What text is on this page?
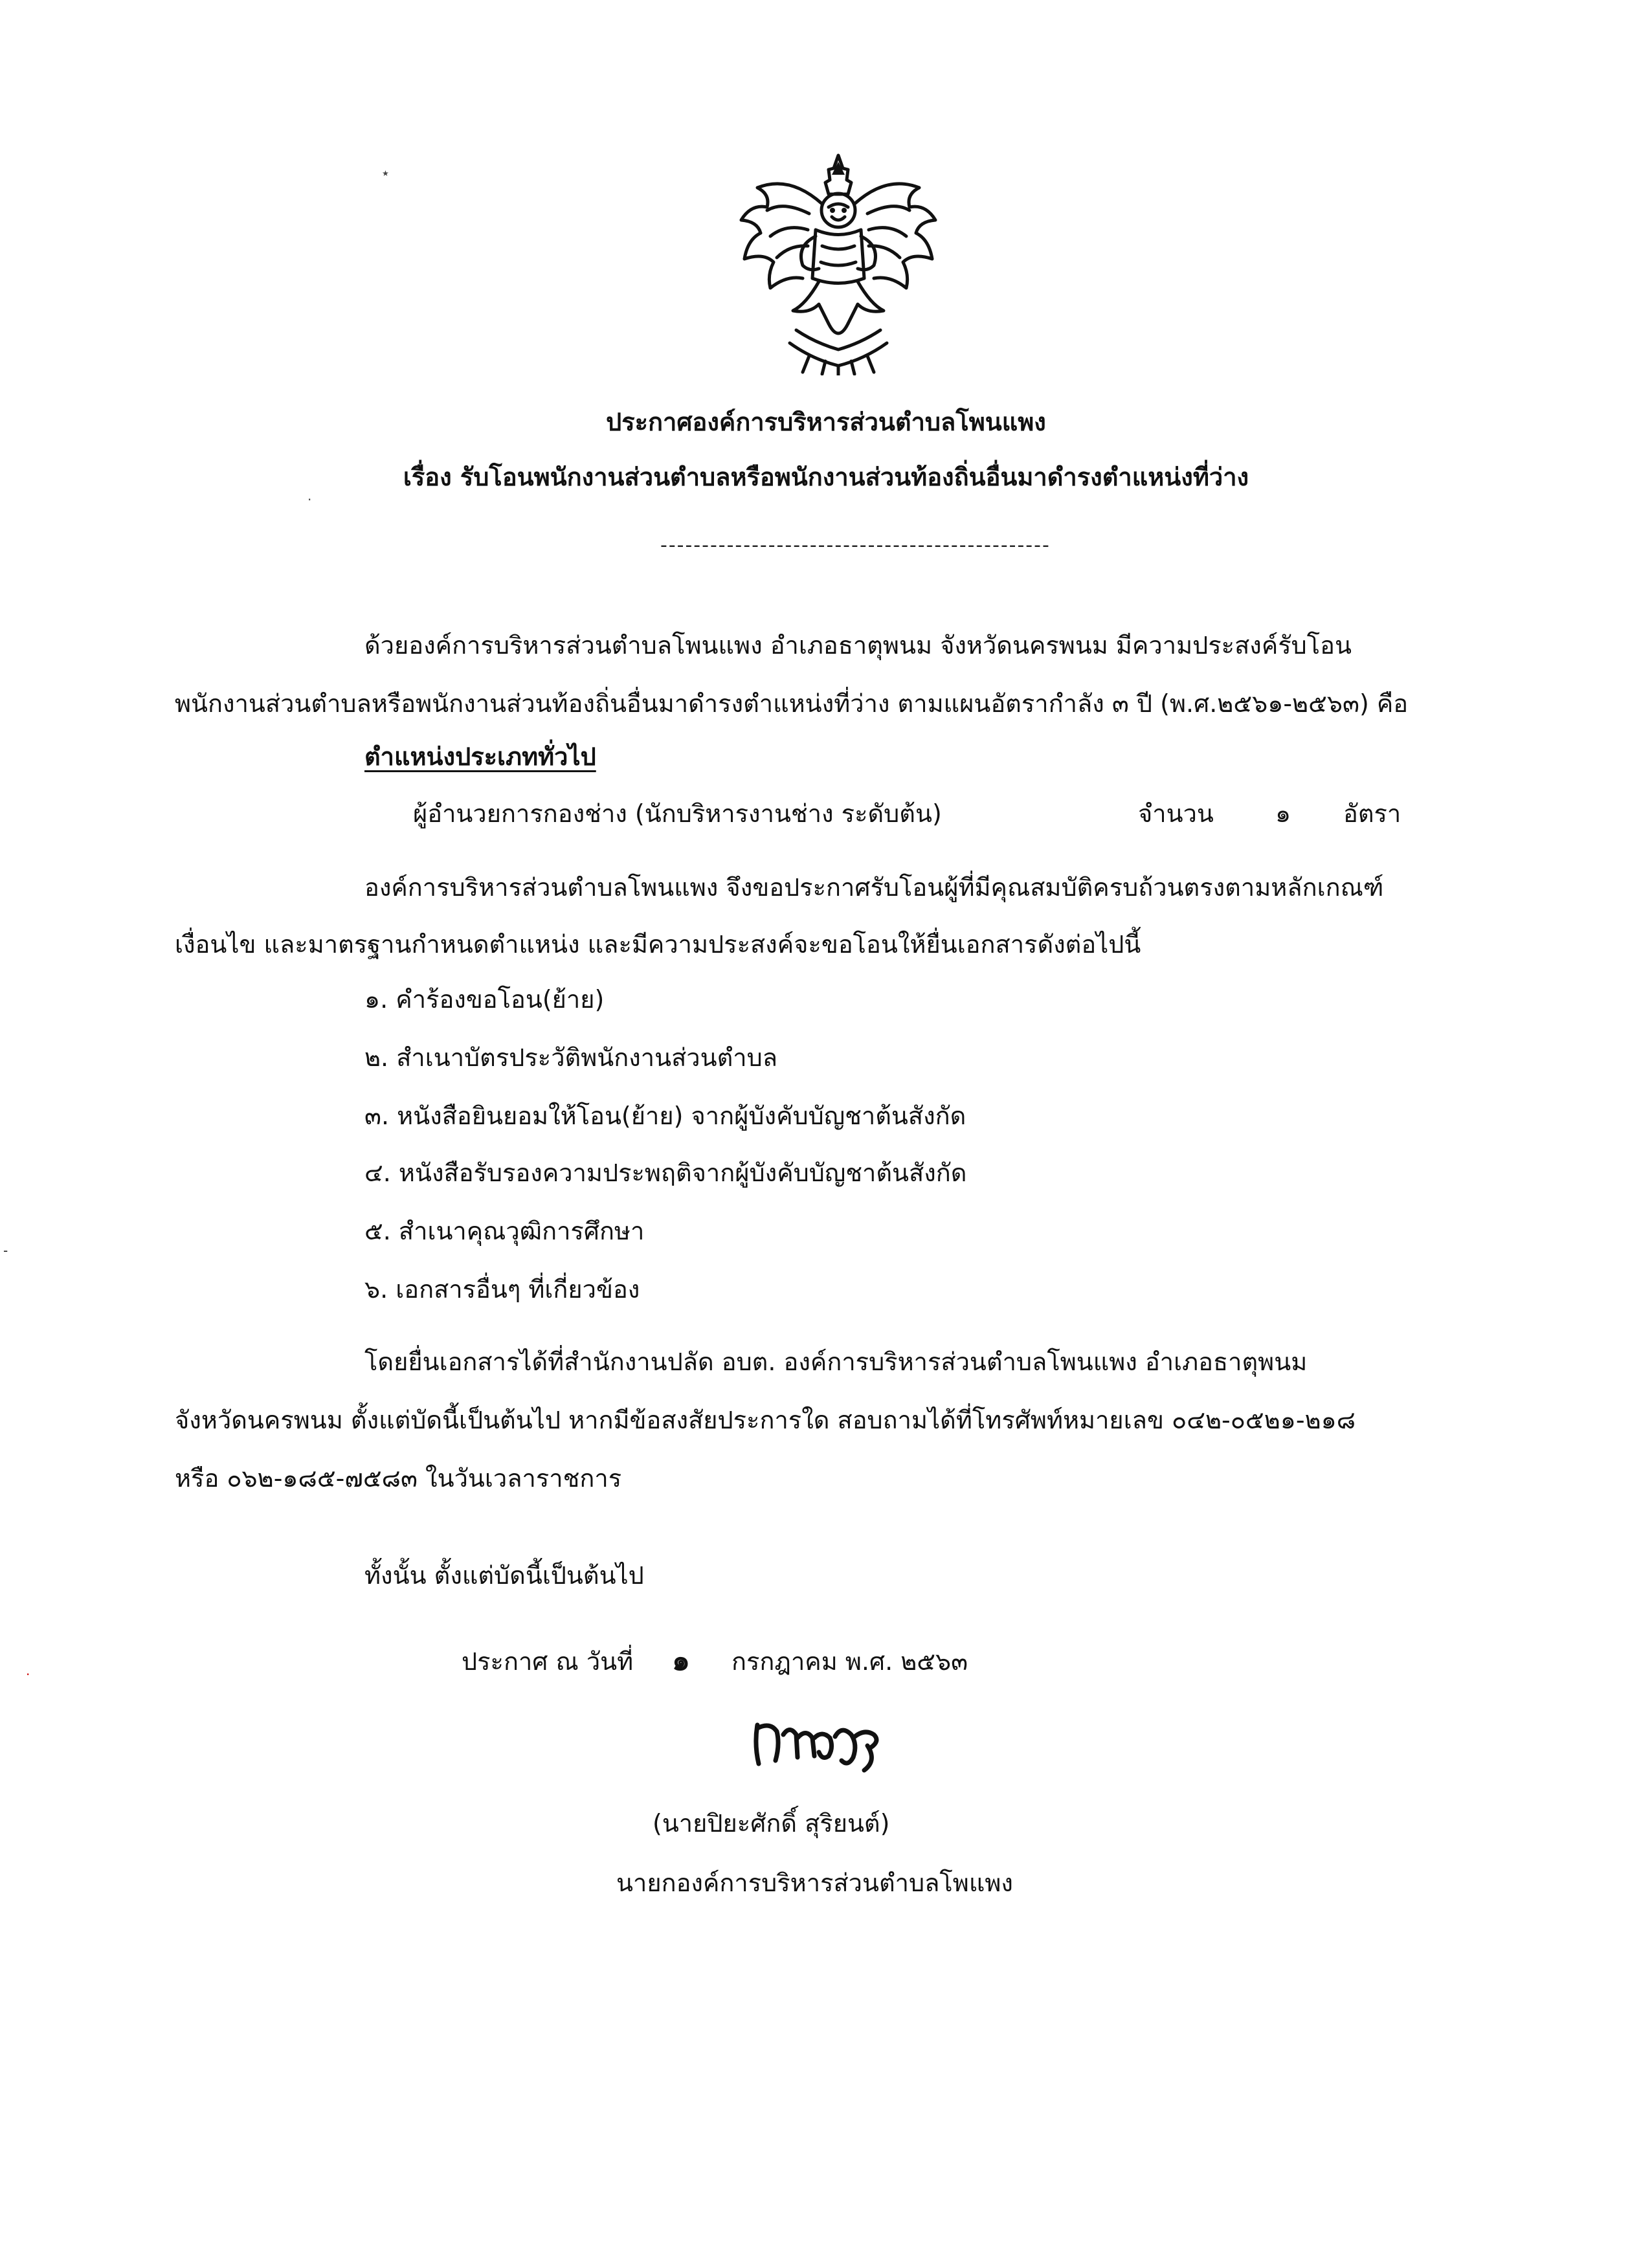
ประกาศองค์การบริหารส่วนตำบลโพนแพง
เรื่อง รับโอนพนักงานส่วนตำบลหรือพนักงานส่วนท้องถิ่นอื่นมาดำรงตำแหน่งที่ว่าง
-----------------------------------------------
ด้วยองค์การบริหารส่วนตำบลโพนแพง อำเภอธาตุพนม จังหวัดนครพนม มีความประสงค์รับโอน
พนักงานส่วนตำบลหรือพนักงานส่วนท้องถิ่นอื่นมาดำรงตำแหน่งที่ว่าง ตามแผนอัตรากำลัง ๓ ปี (พ.ศ.๒๕๖๑-๒๕๖๓) คือ
ตำแหน่งประเภททั่วไป
ผู้อำนวยการกองช่าง (นักบริหารงานช่าง ระดับต้น)	จำนวน	๑ อัตรา
องค์การบริหารส่วนตำบลโพนแพง จึงขอประกาศรับโอนผู้ที่มีคุณสมบัติครบถ้วนตรงตามหลักเกณฑ์
เงื่อนไข และมาตรฐานกำหนดตำแหน่ง และมีความประสงค์จะขอโอนให้ยื่นเอกสารดังต่อไปนี้
๑. คำร้องขอโอน(ย้าย)
๒. สำเนาบัตรประวัติพนักงานส่วนตำบล
๓. หนังสือยินยอมให้โอน(ย้าย) จากผู้บังคับบัญชาต้นสังกัด
๔. หนังสือรับรองความประพฤติจากผู้บังคับบัญชาต้นสังกัด
๕. สำเนาคุณวุฒิการศึกษา
๖. เอกสารอื่นๆ ที่เกี่ยวข้อง
โดยยื่นเอกสารได้ที่สำนักงานปลัด อบต. องค์การบริหารส่วนตำบลโพนแพง อำเภอธาตุพนม
จังหวัดนครพนม ตั้งแต่บัดนี้เป็นต้นไป หากมีข้อสงสัยประการใด สอบถามได้ที่โทรศัพท์หมายเลข ๐๔๒-๐๕๒๑-๒๑๘
หรือ ๐๖๒-๑๘๕-๗๕๘๓ ในวันเวลาราชการ
ทั้งนั้น ตั้งแต่บัดนี้เป็นต้นไป
ประกาศ ณ วันที่ ๑ กรกฎาคม พ.ศ. ๒๕๖๓
(นายปิยะศักดิ์ สุริยนต์)
นายกองค์การบริหารส่วนตำบลโพแพง
٭
·
-
·
